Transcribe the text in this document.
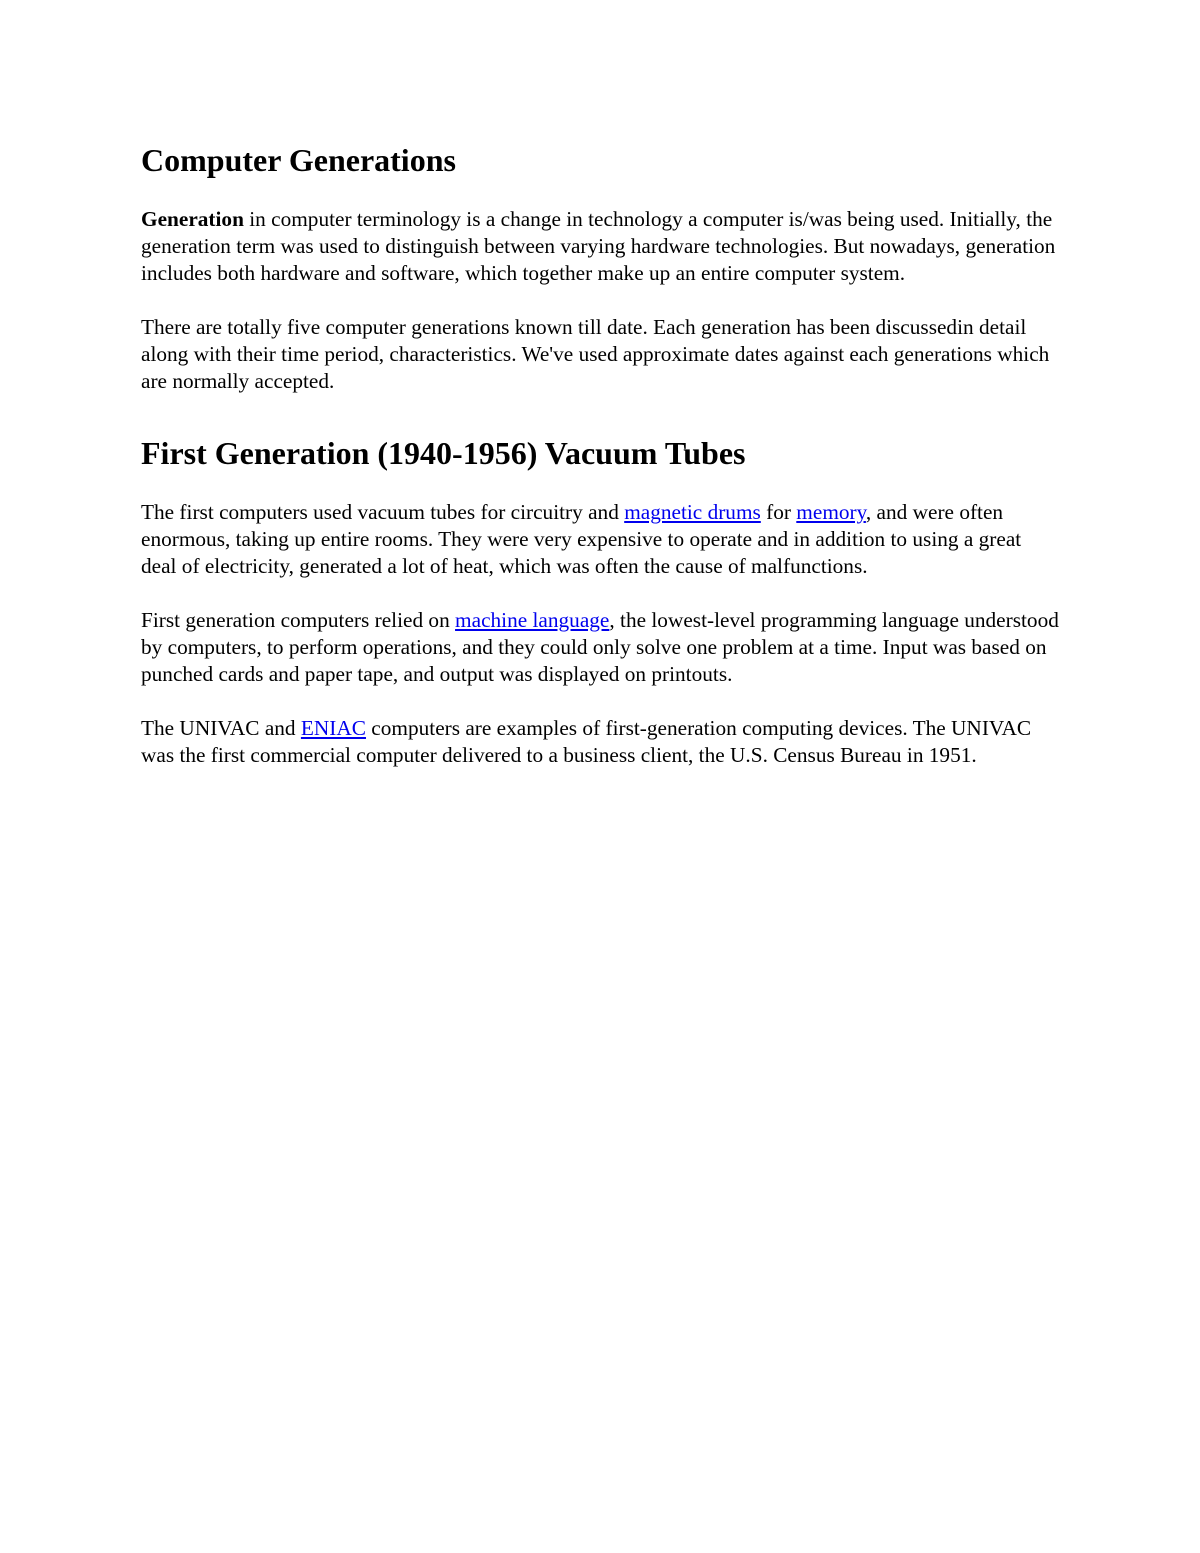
Computer Generations

Generation in computer terminology is a change in technology a computer is/was being used. Initially, the generation term was used to distinguish between varying hardware technologies. But nowadays, generation includes both hardware and software, which together make up an entire computer system.

There are totally five computer generations known till date. Each generation has been discussedin detail along with their time period, characteristics. We've used approximate dates against each generations which are normally accepted.

First Generation (1940-1956) Vacuum Tubes

The first computers used vacuum tubes for circuitry and magnetic drums for memory, and were often enormous, taking up entire rooms. They were very expensive to operate and in addition to using a great deal of electricity, generated a lot of heat, which was often the cause of malfunctions.

First generation computers relied on machine language, the lowest-level programming language understood by computers, to perform operations, and they could only solve one problem at a time. Input was based on punched cards and paper tape, and output was displayed on printouts.

The UNIVAC and ENIAC computers are examples of first-generation computing devices. The UNIVAC was the first commercial computer delivered to a business client, the U.S. Census Bureau in 1951.
